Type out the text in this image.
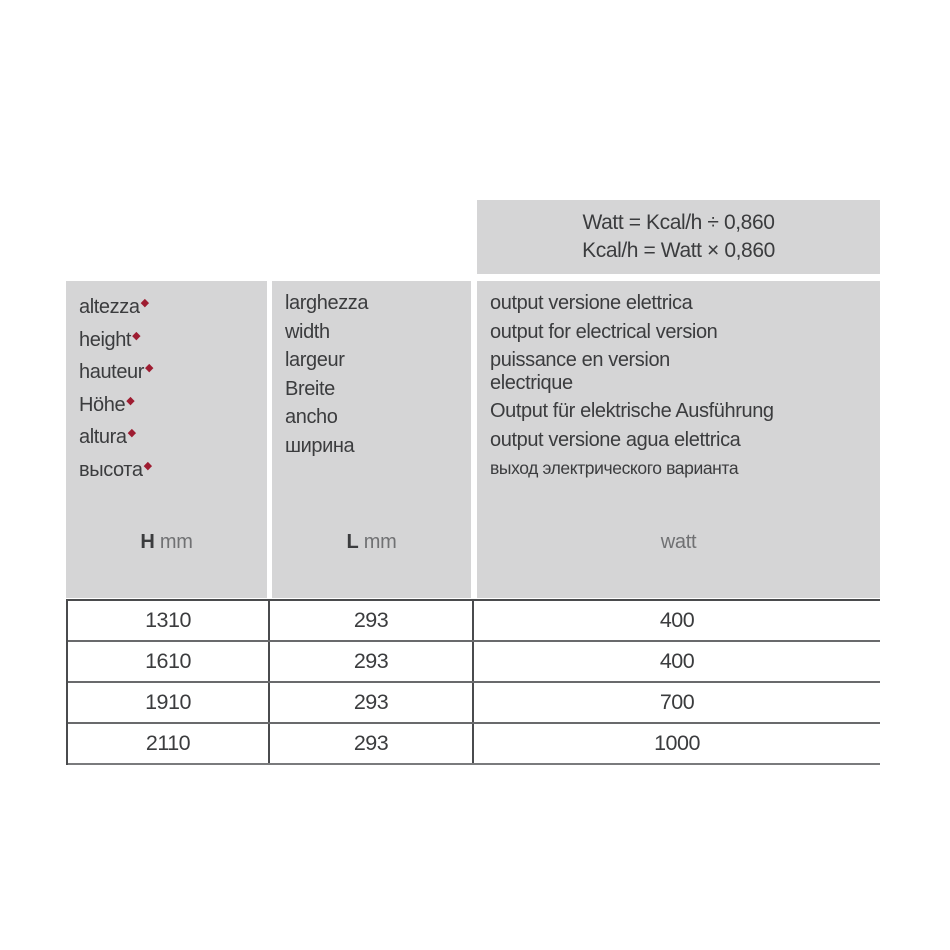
Watt = Kcal/h ÷ 0,860
Kcal/h = Watt × 0,860
altezza◆
height◆
hauteur◆
Höhe◆
altura◆
высота◆
H mm
larghezza
width
largeur
Breite
ancho
ширина
L mm
output versione elettrica
output for electrical version
puissance en version
electrique
Output für elektrische Ausführung
output versione agua elettrica
выход электрического варианта
watt
1310	293	400
1610	293	400
1910	293	700
2110	293	1000
